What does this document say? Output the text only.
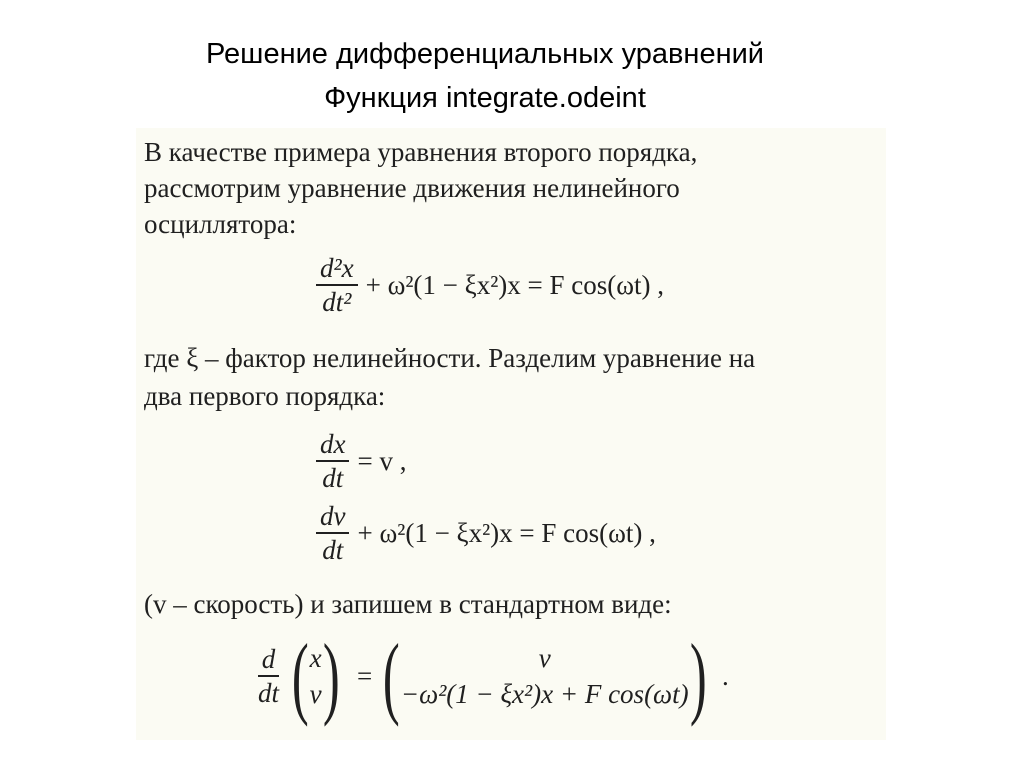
Решение дифференциальных уравнений
Функция integrate.odeint
В качестве примера уравнения второго порядка,
рассмотрим уравнение движения нелинейного
осциллятора:
$\frac{\text{d²x}}{\text{dt²}} + \omega^2(1 - \xi x^2)x = F$ cos(ωt) ,
где ξ – фактор нелинейности. Разделим уравнение на
два первого порядка:
$\frac{dx}{dt} = v$ ,
$\frac{dv}{dt} + \omega^2(1 - \xi x^2)x = F$ cos(ωt) ,
(v – скорость) и запишем в стандартном виде:
$\frac{d}{dt}$ ( x
v ) = (	v
−ω²(1 − ξx²)x + F cos(ωt) ) .
